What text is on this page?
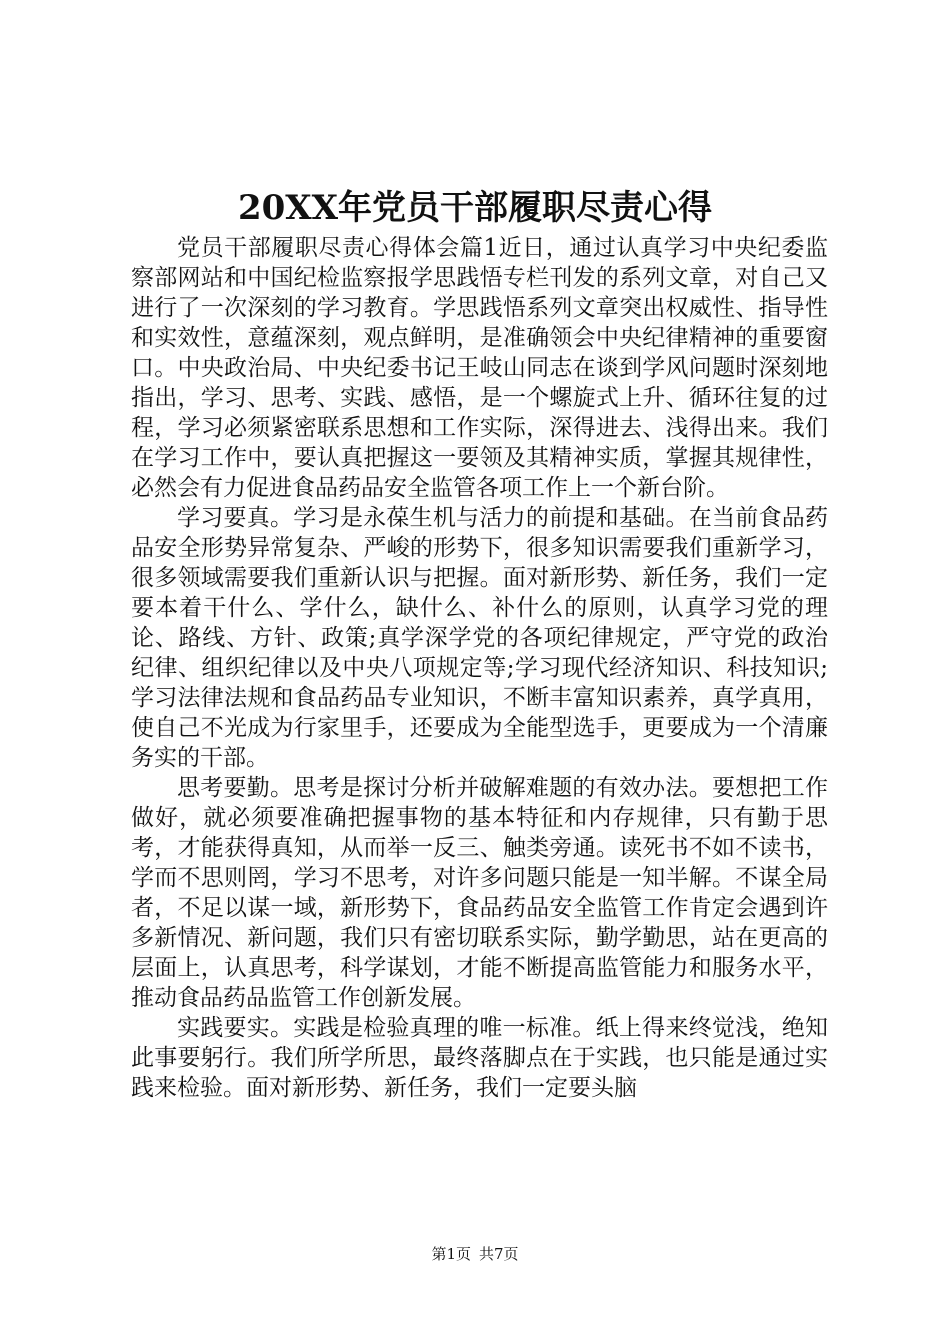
20XX年党员干部履职尽责心得

党员干部履职尽责心得体会篇1近日，通过认真学习中央纪委监察部网站和中国纪检监察报学思践悟专栏刊发的系列文章，对自己又进行了一次深刻的学习教育。学思践悟系列文章突出权威性、指导性和实效性，意蕴深刻，观点鲜明，是准确领会中央纪律精神的重要窗口。中央政治局、中央纪委书记王岐山同志在谈到学风问题时深刻地指出，学习、思考、实践、感悟，是一个螺旋式上升、循环往复的过程，学习必须紧密联系思想和工作实际，深得进去、浅得出来。我们在学习工作中，要认真把握这一要领及其精神实质，掌握其规律性，必然会有力促进食品药品安全监管各项工作上一个新台阶。

学习要真。学习是永葆生机与活力的前提和基础。在当前食品药品安全形势异常复杂、严峻的形势下，很多知识需要我们重新学习，很多领域需要我们重新认识与把握。面对新形势、新任务，我们一定要本着干什么、学什么，缺什么、补什么的原则，认真学习党的理论、路线、方针、政策;真学深学党的各项纪律规定，严守党的政治纪律、组织纪律以及中央八项规定等;学习现代经济知识、科技知识;学习法律法规和食品药品专业知识，不断丰富知识素养，真学真用，使自己不光成为行家里手，还要成为全能型选手，更要成为一个清廉务实的干部。

思考要勤。思考是探讨分析并破解难题的有效办法。要想把工作做好，就必须要准确把握事物的基本特征和内存规律，只有勤于思考，才能获得真知，从而举一反三、触类旁通。读死书不如不读书，学而不思则罔，学习不思考，对许多问题只能是一知半解。不谋全局者，不足以谋一域，新形势下，食品药品安全监管工作肯定会遇到许多新情况、新问题，我们只有密切联系实际，勤学勤思，站在更高的层面上，认真思考，科学谋划，才能不断提高监管能力和服务水平，推动食品药品监管工作创新发展。

实践要实。实践是检验真理的唯一标准。纸上得来终觉浅，绝知此事要躬行。我们所学所思，最终落脚点在于实践，也只能是通过实践来检验。面对新形势、新任务，我们一定要头脑

第1页 共7页
